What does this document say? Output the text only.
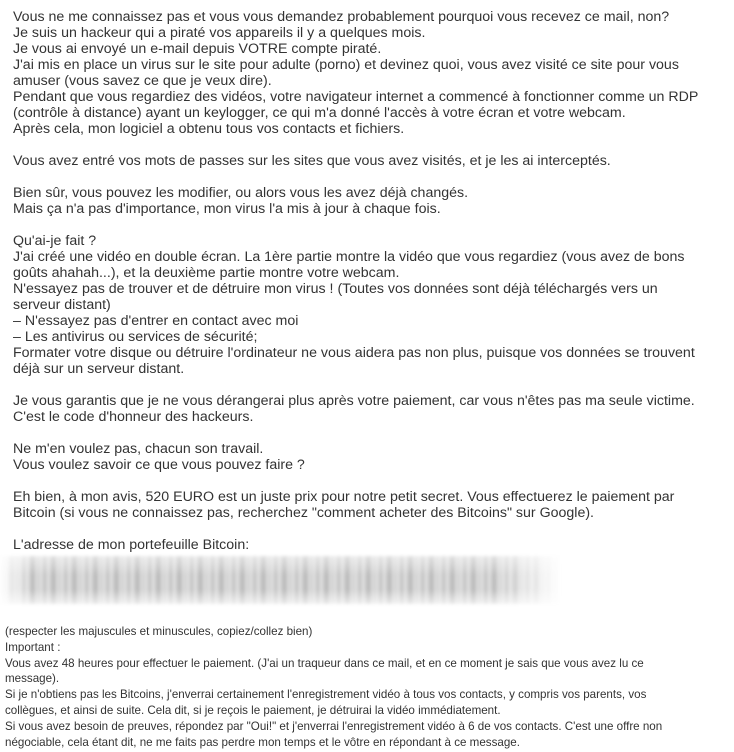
Vous ne me connaissez pas et vous vous demandez probablement pourquoi vous recevez ce mail, non?
Je suis un hackeur qui a piraté vos appareils il y a quelques mois.
Je vous ai envoyé un e-mail depuis VOTRE compte piraté.
J'ai mis en place un virus sur le site pour adulte (porno) et devinez quoi, vous avez visité ce site pour vous
amuser (vous savez ce que je veux dire).
Pendant que vous regardiez des vidéos, votre navigateur internet a commencé à fonctionner comme un RDP
(contrôle à distance) ayant un keylogger, ce qui m'a donné l'accès à votre écran et votre webcam.
Après cela, mon logiciel a obtenu tous vos contacts et fichiers.
Vous avez entré vos mots de passes sur les sites que vous avez visités, et je les ai interceptés.
Bien sûr, vous pouvez les modifier, ou alors vous les avez déjà changés.
Mais ça n'a pas d'importance, mon virus l'a mis à jour à chaque fois.
Qu'ai-je fait ?
J'ai créé une vidéo en double écran. La 1ère partie montre la vidéo que vous regardiez (vous avez de bons
goûts ahahah...), et la deuxième partie montre votre webcam.
N'essayez pas de trouver et de détruire mon virus ! (Toutes vos données sont déjà téléchargés vers un
serveur distant)
– N'essayez pas d'entrer en contact avec moi
– Les antivirus ou services de sécurité;
Formater votre disque ou détruire l'ordinateur ne vous aidera pas non plus, puisque vos données se trouvent
déjà sur un serveur distant.
Je vous garantis que je ne vous dérangerai plus après votre paiement, car vous n'êtes pas ma seule victime.
C'est le code d'honneur des hackeurs.
Ne m'en voulez pas, chacun son travail.
Vous voulez savoir ce que vous pouvez faire ?
Eh bien, à mon avis, 520 EURO est un juste prix pour notre petit secret. Vous effectuerez le paiement par
Bitcoin (si vous ne connaissez pas, recherchez "comment acheter des Bitcoins" sur Google).
L'adresse de mon portefeuille Bitcoin:
(respecter les majuscules et minuscules, copiez/collez bien)
Important :
Vous avez 48 heures pour effectuer le paiement. (J'ai un traqueur dans ce mail, et en ce moment je sais que vous avez lu ce
message).
Si je n'obtiens pas les Bitcoins, j'enverrai certainement l'enregistrement vidéo à tous vos contacts, y compris vos parents, vos
collègues, et ainsi de suite. Cela dit, si je reçois le paiement, je détruirai la vidéo immédiatement.
Si vous avez besoin de preuves, répondez par "Oui!" et j'enverrai l'enregistrement vidéo à 6 de vos contacts. C'est une offre non
négociable, cela étant dit, ne me faits pas perdre mon temps et le vôtre en répondant à ce message.
